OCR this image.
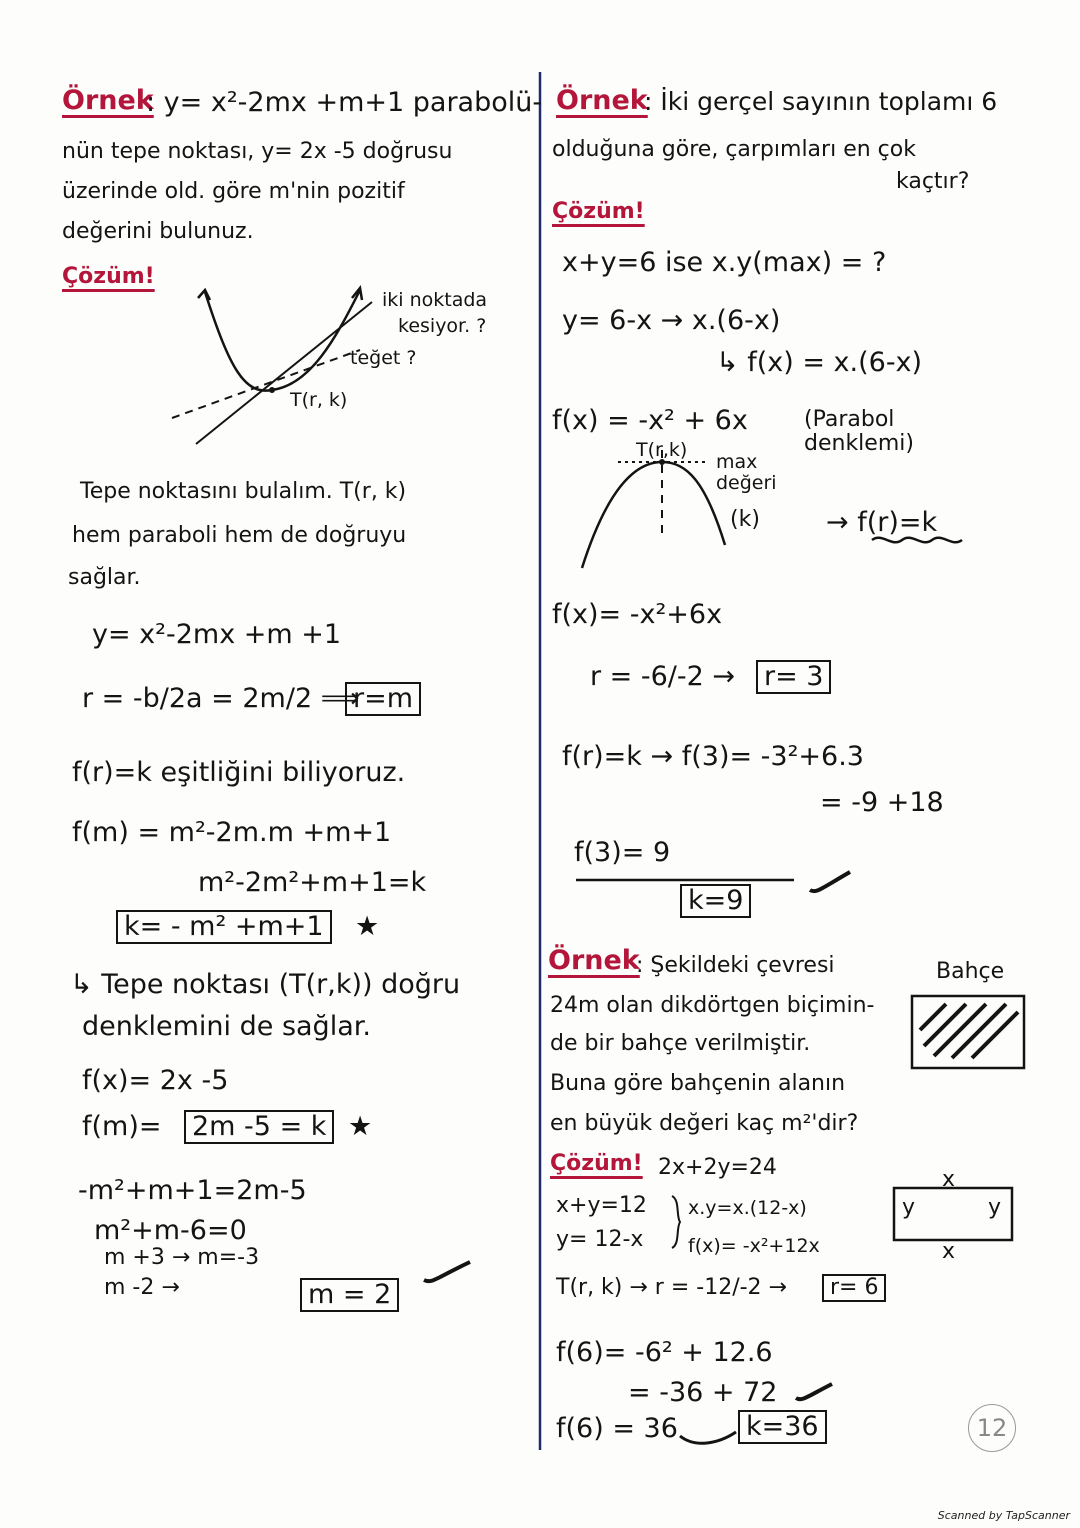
Örnek
: y= x²-2mx +m+1 parabolü-
nün tepe noktası, y= 2x -5 doğrusu
üzerinde old. göre m'nin pozitif
değerini bulunuz.
Çözüm!
iki noktada
kesiyor. ?
teğet ?
T(r, k)
Tepe noktasını bulalım. T(r, k)
hem paraboli hem de doğruyu
sağlar.
y= x²-2mx +m +1
r = -b/2a = 2m/2 ⟹
r=m
f(r)=k eşitliğini biliyoruz.
f(m) = m²-2m.m +m+1
m²-2m²+m+1=k
k= - m² +m+1 ★
↳ Tepe noktası (T(r,k)) doğru
denklemini de sağlar.
f(x)= 2x -5
f(m)= 2m -5 = k ★
-m²+m+1=2m-5
m²+m-6=0
m +3 → m=-3
m -2 →	m = 2
Örnek
: İki gerçel sayının toplamı 6
olduğuna göre, çarpımları en çok
kaçtır?
Çözüm!
x+y=6 ise x.y(max) = ?
y= 6-x → x.(6-x)
↳ f(x) = x.(6-x)
f(x) = -x² + 6x	(Parabol denklemi)
T(r,k)
max değeri
(k) → f(r)=k
f(x)= -x²+6x
r = -6/-2 → r= 3
f(r)=k → f(3)= -3²+6.3
= -9 +18
f(3)= 9
k=9
Örnek
: Şekildeki çevresi
24m olan dikdörtgen biçimin-
de bir bahçe verilmiştir.
Buna göre bahçenin alanın
en büyük değeri kaç m²'dir?
Bahçe
Çözüm! 2x+2y=24
x+y=12
y= 12-x
x.y=x.(12-x)
f(x)= -x²+12x
x
x
y	y
T(r, k) → r = -12/-2 →	r= 6
f(6)= -6² + 12.6
= -36 + 72
f(6) = 36	k=36	12
Scanned by TapScanner
